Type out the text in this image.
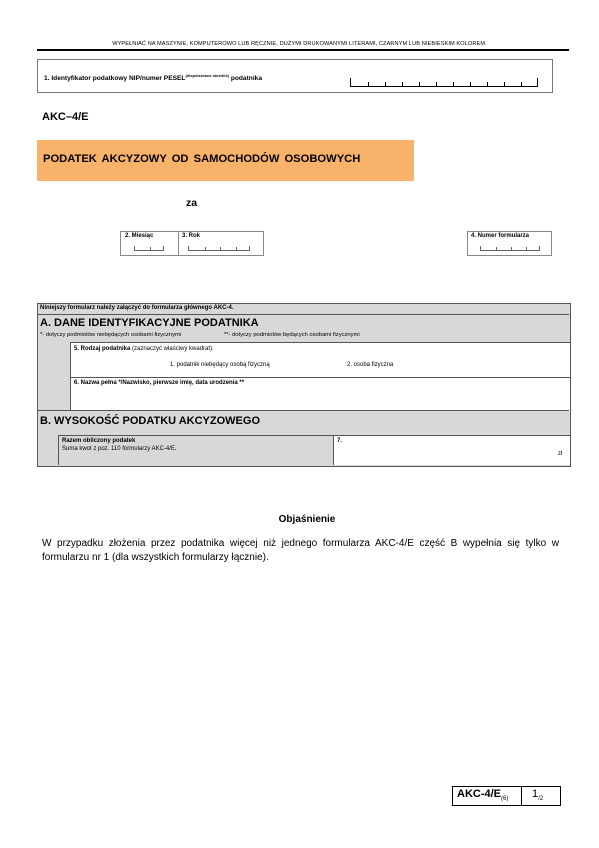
WYPEŁNIAĆ NA MASZYNIE, KOMPUTEROWO LUB RĘCZNIE, DUŻYMI DRUKOWANYMI LITERAMI, CZARNYM LUB NIEBIESKIM KOLOREM.
1. Identyfikator podatkowy NIP/numer $PESEL^{(niepotrzebne skreślić)}$ podatnika
AKC–4/E
PODATEK AKCYZOWY OD SAMOCHODÓW OSOBOWYCH
za
2. Miesiąc	3. Rok	4. Numer formularza
Niniejszy formularz należy załączyć do formularza głównego AKC-4.
A. DANE IDENTYFIKACYJNE PODATNIKA
*- dotyczy podmiotów niebędących osobami fizycznymi	**- dotyczy podmiotów będących osobami fizycznymi
5. Rodzaj podatnika (zaznaczyć właściwy kwadrat):
1. podatnik niebędący osobą fizyczną	2. osoba fizyczna
6. Nazwa pełna */Nazwisko, pierwsze imię, data urodzenia **
B. WYSOKOŚĆ PODATKU AKCYZOWEGO
Razem obliczony podatek
Suma kwot z poz. 110 formularzy AKC-4/E.
7.
zł
Objaśnienie
W przypadku złożenia przez podatnika więcej niż jednego formularza AKC-4/E część B wypełnia się tylko w formularzu nr 1 (dla wszystkich formularzy łącznie).
AKC-$4/E_{(6)}$ $1_{/2}$
